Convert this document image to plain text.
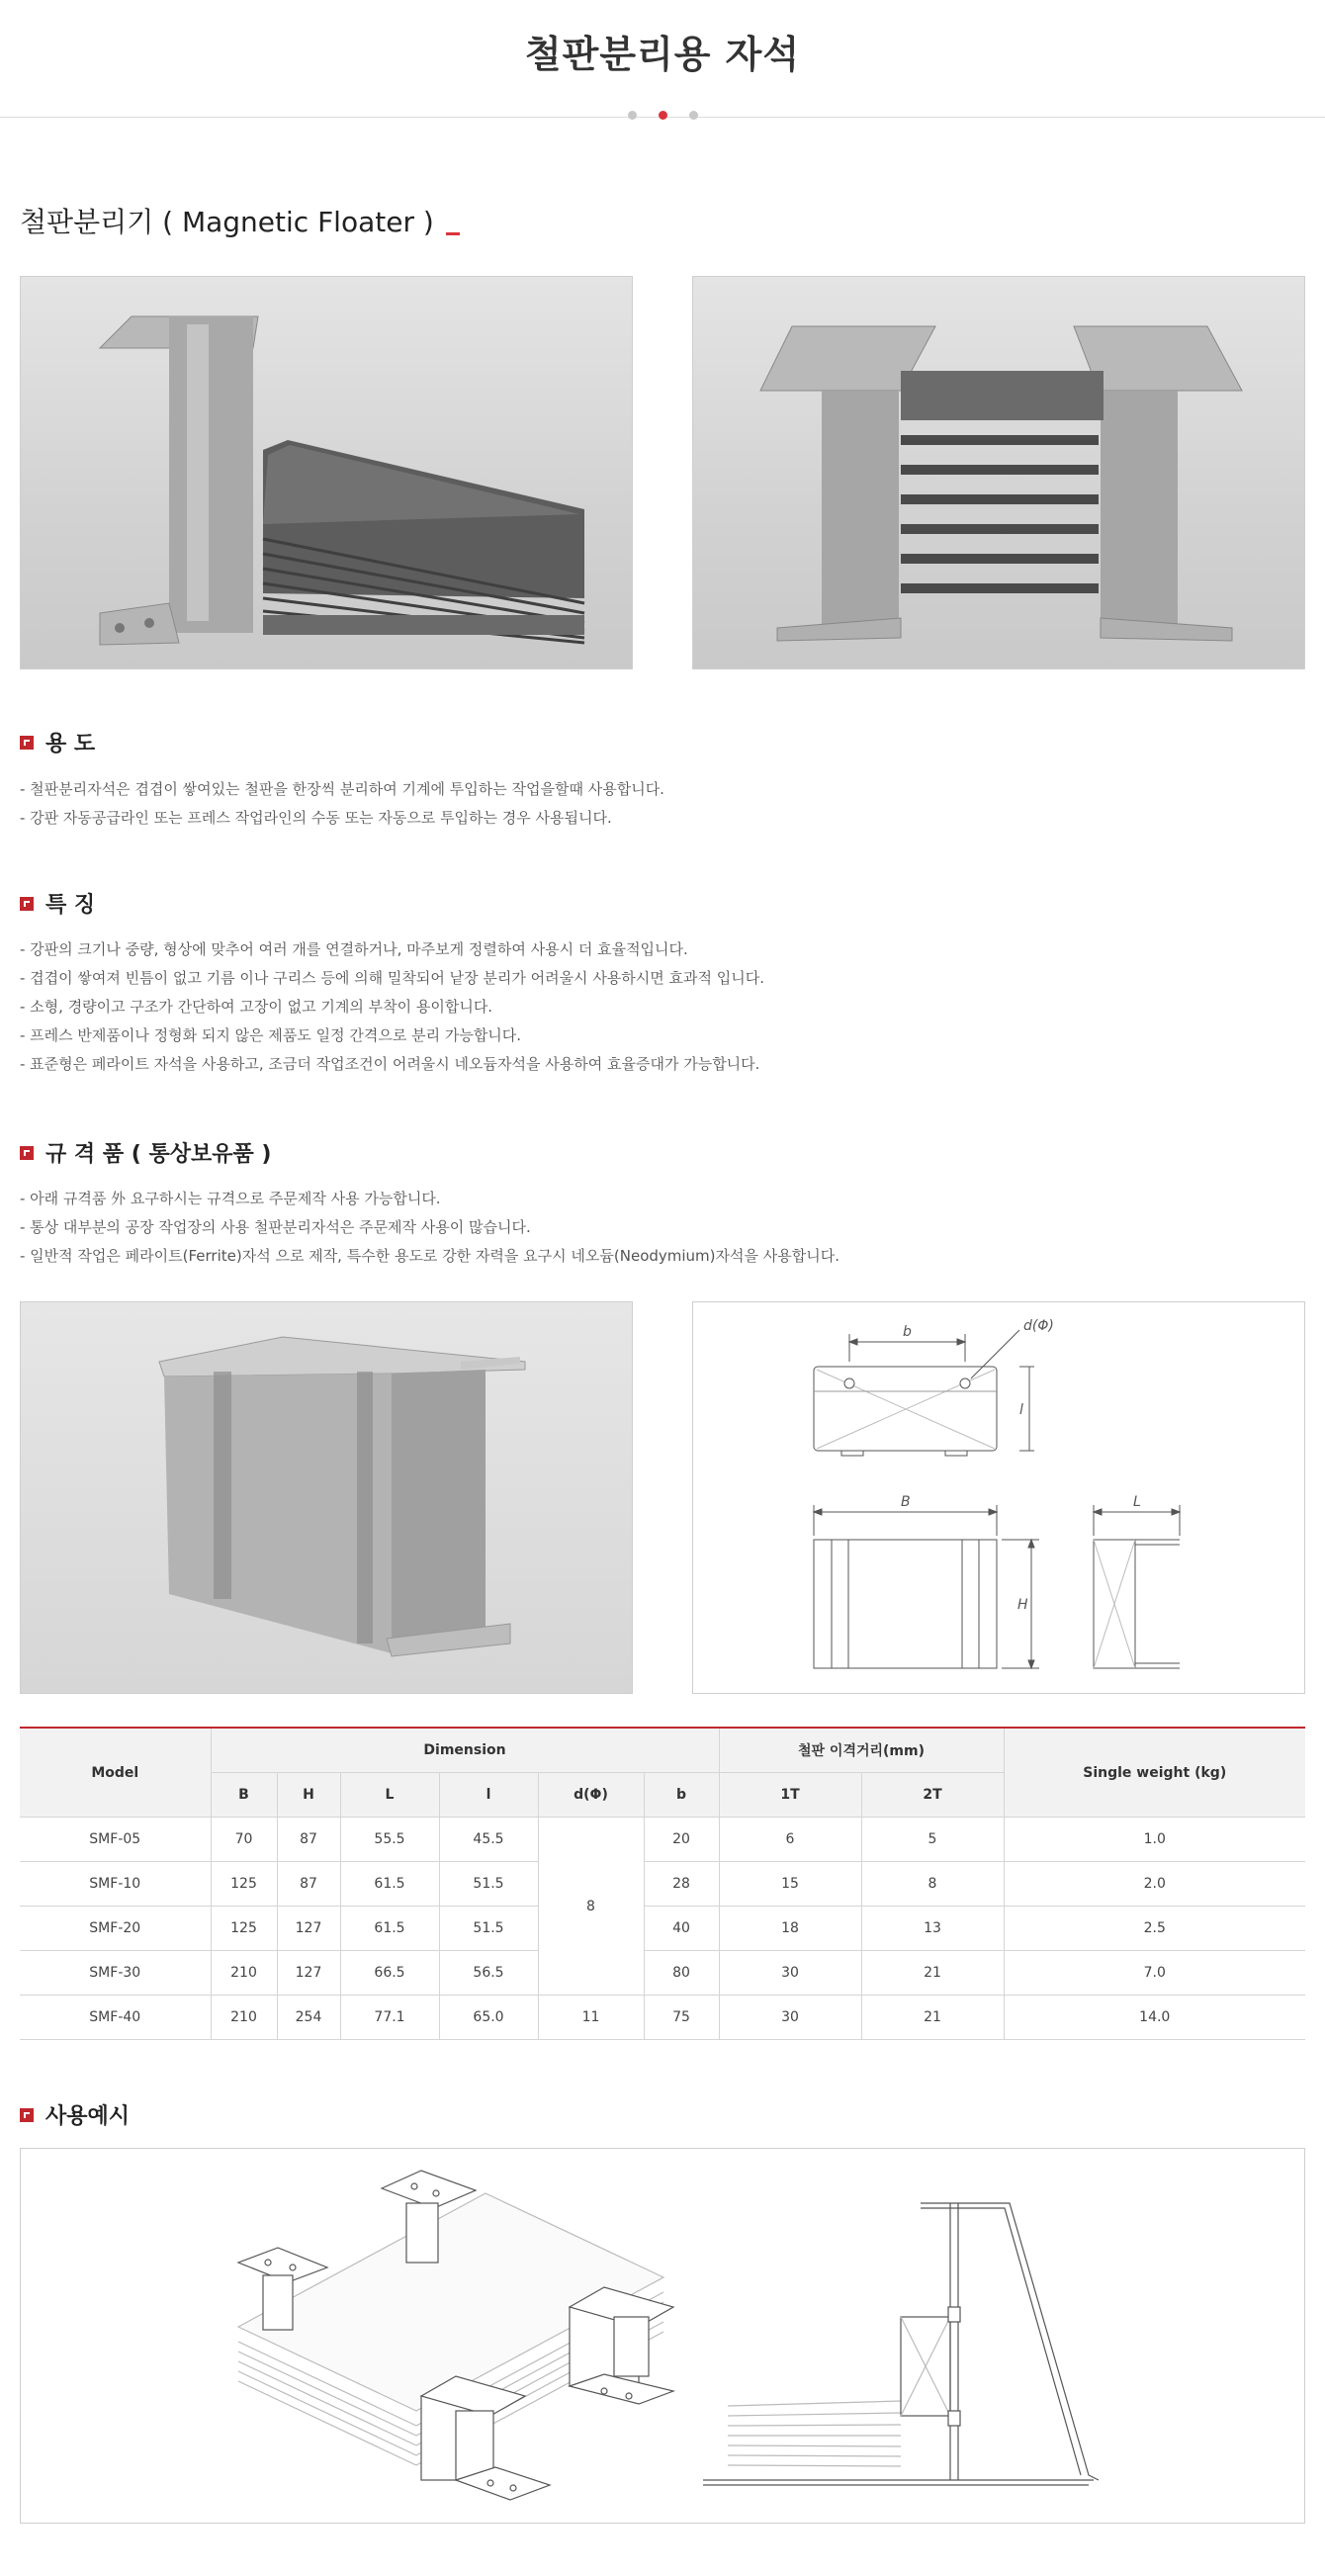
철판분리용 자석
철판분리기 ( Magnetic Floater )
용 도
- 철판분리자석은 겹겹이 쌓여있는 철판을 한장씩 분리하여 기계에 투입하는 작업을할때 사용합니다.
- 강판 자동공급라인 또는 프레스 작업라인의 수동 또는 자동으로 투입하는 경우 사용됩니다.
특 징
- 강판의 크기나 중량, 형상에 맞추어 여러 개를 연결하거나, 마주보게 정렬하여 사용시 더 효율적입니다.
- 겹겹이 쌓여져 빈틈이 없고 기름 이나 구리스 등에 의해 밀착되어 낱장 분리가 어려울시 사용하시면 효과적 입니다.
- 소형, 경량이고 구조가 간단하여 고장이 없고 기계의 부착이 용이합니다.
- 프레스 반제품이나 정형화 되지 않은 제품도 일정 간격으로 분리 가능합니다.
- 표준형은 페라이트 자석을 사용하고, 조금더 작업조건이 어려울시 네오듐자석을 사용하여 효율증대가 가능합니다.
규 격 품 ( 통상보유품 )
- 아래 규격품 外 요구하시는 규격으로 주문제작 사용 가능합니다.
- 통상 대부분의 공장 작업장의 사용 철판분리자석은 주문제작 사용이 많습니다.
- 일반적 작업은 페라이트(Ferrite)자석 으로 제작, 특수한 용도로 강한 자력을 요구시 네오듐(Neodymium)자석을 사용합니다.
b	d(Φ)
l
B
H
L
Model	Dimension						철판 이격거리(mm)		Single weight (kg)
	B	H	L	l	d(Φ)	b	1T	2T	
SMF-05	70	87	55.5	45.5	8	20	6	5	1.0
SMF-10	125	87	61.5	51.5		28	15	8	2.0
SMF-20	125	127	61.5	51.5		40	18	13	2.5
SMF-30	210	127	66.5	56.5		80	30	21	7.0
SMF-40	210	254	77.1	65.0	11	75	30	21	14.0
사용예시
